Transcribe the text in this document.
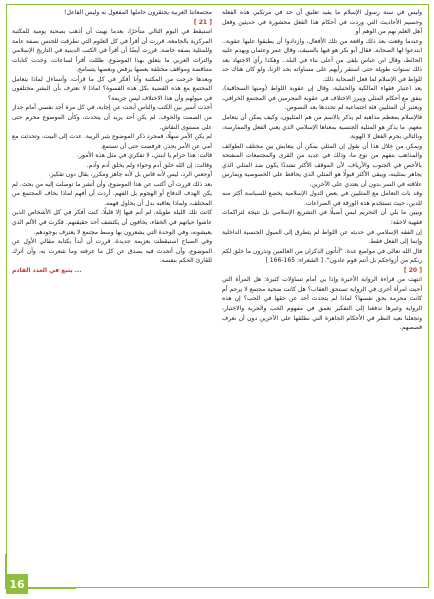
وليس في سنة رسول الإسلام ما يفيد تعليق أن حد في مرتكبي هذه الفعلة وجسيم الأحاديث التي وردت في أحكام هذا الفعل محشورة في حديثين وقعل أهل العلم بهم من الوهم أو

وعندما وقعت بعد ذلك واقعة من تلك الأفعال، وازدادوا أن يطبقوا عليها عقوبة.. ابتدعوا لها الصحابة. فقال أبو بكر هو فيها بالسيف، وقال عمر وعثمان ويهدم عليه الحائط، وقال ابن عباس يلقى من أعلى بناء في البلد.. وهكذا رأي الاجتهاد بعد ذلك سنوات طويلة حتى استقر رأيهم على مساواته بحد الزنا، ولو كان هناك حد للواط في الإسلام لما فعل الصحابة ذلك.

يعد اعتبار فقهاء المالكية والحنبلية، وقال إن عقوبة اللواط (ومنها السحاقية)، يتفق مع أحكام المثلي ويبرز الاختلاف في عقوبة المجرمين في المجتمع الخرافي، ويعتبر أن المثليين فئة اجتماعية لم تحددها بعد النصوص.

فالإسلام بمعظم مذاهبه لم يذكر بالاسم من هم المثليون، وكيف يمكن أن يتعامل معهم. ما يذكر هو المثلية الجنسية بمعناها الإسلامي الذي يعني الفعل والممارسة، وبالتالي يجرم الفعل لا الهوية.

ويمكن من خلال هذا أن نقول إن المثلي يمكن أن يتعايش بين مختلف الطوائف والمذاهب بتفهم من نوع ما، وذلك في عديد من القرى والمجتمعات المنفتحة بالأخص في الجنوب والأرياف، لأن الموقف الأكثر تشددًا يكون ضد المثلي الذي يجاهر بمثليته، ويبقى الأكثر قبولًا هو المثلي الذي يحافظ على الخصوصية ويمارس علاقته في السر بدون أن يعتدي على الآخرين.

وقد بات التعامل مع المثليين في بعض الدول الإسلامية يخضع للسياسة أكثر منه للدين، حيث تستخدم هذه الورقة في الصراعات.

ويبين ما يلي أن التحريم ليس أصيلًا في التشريع الإسلامي بل نتيجة لتراكمات فقهية لاحقة:

إن الفقه الإسلامي في حديثه عن اللواط لم يتطرق إلى الميول الجنسية الداخلية وإنما إلى الفعل فقط.

قال الله تعالى في مواضع عدة: "أتأتون الذكران من العالمين وتذرون ما خلق لكم ربكم من أزواجكم بل أنتم قوم عادون". [ الشعراء: 165-166 ]

[ 20 ]

انتهت من قراءة الرواية الأخيرة وإذا بي أمام تساؤلات كثيرة: هل المرأة التي أحبت امرأة أخرى في الرواية تستحق العقاب؟ هل كانت ضحية مجتمع لا يرحم أم كانت مجرمة بحق نفسها؟ لماذا لم يتحدث أحد عن حقها في الحب؟ إن هذه الرواية وغيرها تدفعنا إلى التفكير بعمق في مفهوم الحب والحرية والاختيار، وتجعلنا نعيد النظر في الأحكام الجاهزة التي نطلقها على الآخرين دون أن نعرف قصصهم.

مجتمعاتنا العربية يحتقرون حاملها المفعول به وليس الفاعل!

[ 21 ]

استيقظ في اليوم التالي متأخرًا، بعدما نهبت أن أذهب بصحبة يومية للمكتبة المركزية بالجامعة. قررت أن أقرأ في كل العلوم التي تطرقت للجنس بصفة عامة وللمثلية بصفة خاصة. قررت أيضًا أن أقرأ في الكتب الدينية في التاريخ الإسلامي والتراث العربي ما يتعلق بهذا الموضوع. ظللت أقرأ لساعات، وجدت كتابات متناقضة ومواقف مختلفة بعضها يرفض وبعضها يتسامح.

وبعدها خرجت من المكتبة وأنا أفكر في كل ما قرأت، وأتساءل لماذا يتعامل المجتمع مع هذه القضية بكل هذه القسوة؟ لماذا لا نعترف بأن البشر مختلفون في ميولهم وأن هذا الاختلاف ليس جريمة؟

أخذت أسير بين الكتب والناس أبحث عن إجابة، في كل مرة أجد نفسي أمام جدار من الصمت والخوف. لم يكن أحد يريد أن يتحدث، وكأن الموضوع محرم حتى على مستوى النقاش.

لم يكن الأمر سهلًا، فمجرد ذكر الموضوع يثير الريبة. عدت إلى البيت، وتحدثت مع أمي عن الأمر بحذر، فرفضت حتى أن تستمع.

قالت: هذا حرام يا ابنتي، لا تفكري في مثل هذه الأمور.

وقالت: إن الله خلق آدم وحواء ولم يخلق آدم وآدم.

أوجعني الرد، ليس لأنه قاس بل لأنه جاهز ومكرر، يقال دون تفكير.

بعد ذلك قررت أن أكتب عن هذا الموضوع، وأن أنشر ما توصلت إليه من بحث. لم يكن الهدف الدفاع أو الهجوم بل الفهم. أردت أن أفهم لماذا يخاف المجتمع من المختلف، ولماذا يعاقبه بدل أن يحاول فهمه.

كانت تلك الليلة طويلة، لم أنم فيها إلا قليلًا. كنت أفكر في كل الأشخاص الذين عاشوا حياتهم في الخفاء، يخافون أن يكتشف أحد حقيقتهم. فكرت في الألم الذي يعيشونه، وفي الوحدة التي يشعرون بها وسط مجتمع لا يعترف بوجودهم.

وفي الصباح استيقظت بعزيمة جديدة، قررت أن أبدأ بكتابة مقالي الأول عن الموضوع، وأن أتحدث فيه بصدق عن كل ما عرفته وما شعرت به، وأن أترك للقارئ الحكم بنفسه.

... يتبع في العدد القادم

16
